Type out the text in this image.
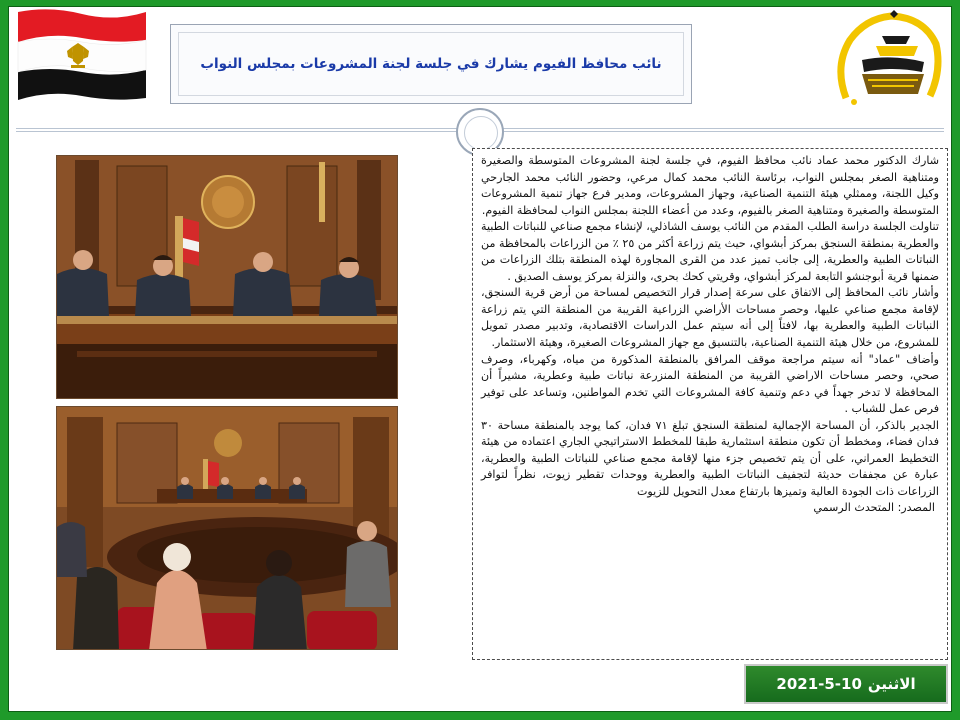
نائب محافظ الفيوم يشارك في جلسة لجنة المشروعات بمجلس النواب

شارك الدكتور محمد عماد نائب محافظ الفيوم، في جلسة لجنة المشروعات المتوسطة والصغيرة ومتناهية الصغر بمجلس النواب، برئاسة النائب محمد كمال مرعي، وحضور النائب محمد الجارحي وكيل اللجنة، وممثلي هيئة التنمية الصناعية، وجهاز المشروعات، ومدير فرع جهاز تنمية المشروعات المتوسطة والصغيرة ومتناهية الصغر بالفيوم، وعدد من أعضاء اللجنة بمجلس النواب لمحافظة الفيوم.

تناولت الجلسة دراسة الطلب المقدم من النائب يوسف الشاذلي، لإنشاء مجمع صناعي للنباتات الطبية والعطرية بمنطقة السنجق بمركز أبشواي، حيث يتم زراعة أكثر من ٢٥ ٪ من الزراعات بالمحافظة من النباتات الطبية والعطرية، إلى جانب تميز عدد من القرى المجاورة لهذه المنطقة بتلك الزراعات من ضمنها قرية أبوجنشو التابعة لمركز أبشواي، وقريتي كحك بحرى، والنزلة بمركز يوسف الصديق .

وأشار نائب المحافظ إلى الاتفاق على سرعة إصدار قرار التخصيص لمساحة من أرض قرية السنجق، لإقامة مجمع صناعي عليها، وحصر مساحات الأراضي الزراعية القريبة من المنطقة التي يتم زراعة النباتات الطبية والعطرية بها، لافتاً إلى أنه سيتم عمل الدراسات الاقتصادية، وتدبير مصدر تمويل للمشروع، من خلال هيئة التنمية الصناعية، بالتنسيق مع جهاز المشروعات الصغيرة، وهيئة الاستثمار.

وأضاف "عماد" أنه سيتم مراجعة موقف المرافق بالمنطقة المذكورة من مياه، وكهرباء، وصرف صحي، وحصر مساحات الاراضي القريبة من المنطقة المنزرعة نباتات طبية وعطرية، مشيراً أن المحافظة لا تدخر جهداً في دعم وتنمية كافة المشروعات التي تخدم المواطنين، وتساعد على توفير فرص عمل للشباب .

الجدير بالذكر، أن المساحة الإجمالية لمنطقة السنجق تبلغ ٧١ فدان، كما يوجد بالمنطقة مساحة ٣٠ فدان فضاء، ومخطط أن تكون منطقة استثمارية طبقا للمخطط الاستراتيجي الجاري اعتماده من هيئة التخطيط العمراني، على أن يتم تخصيص جزء منها لإقامة مجمع صناعي للنباتات الطبية والعطرية، عبارة عن مجففات حديثة لتجفيف النباتات الطبية والعطرية ووحدات تقطير زيوت، نظراً لتوافر الزراعات ذات الجودة العالية وتميزها بارتفاع معدل التحويل للزيوت

المصدر: المتحدث الرسمي

الاثنين
2021-5-10
